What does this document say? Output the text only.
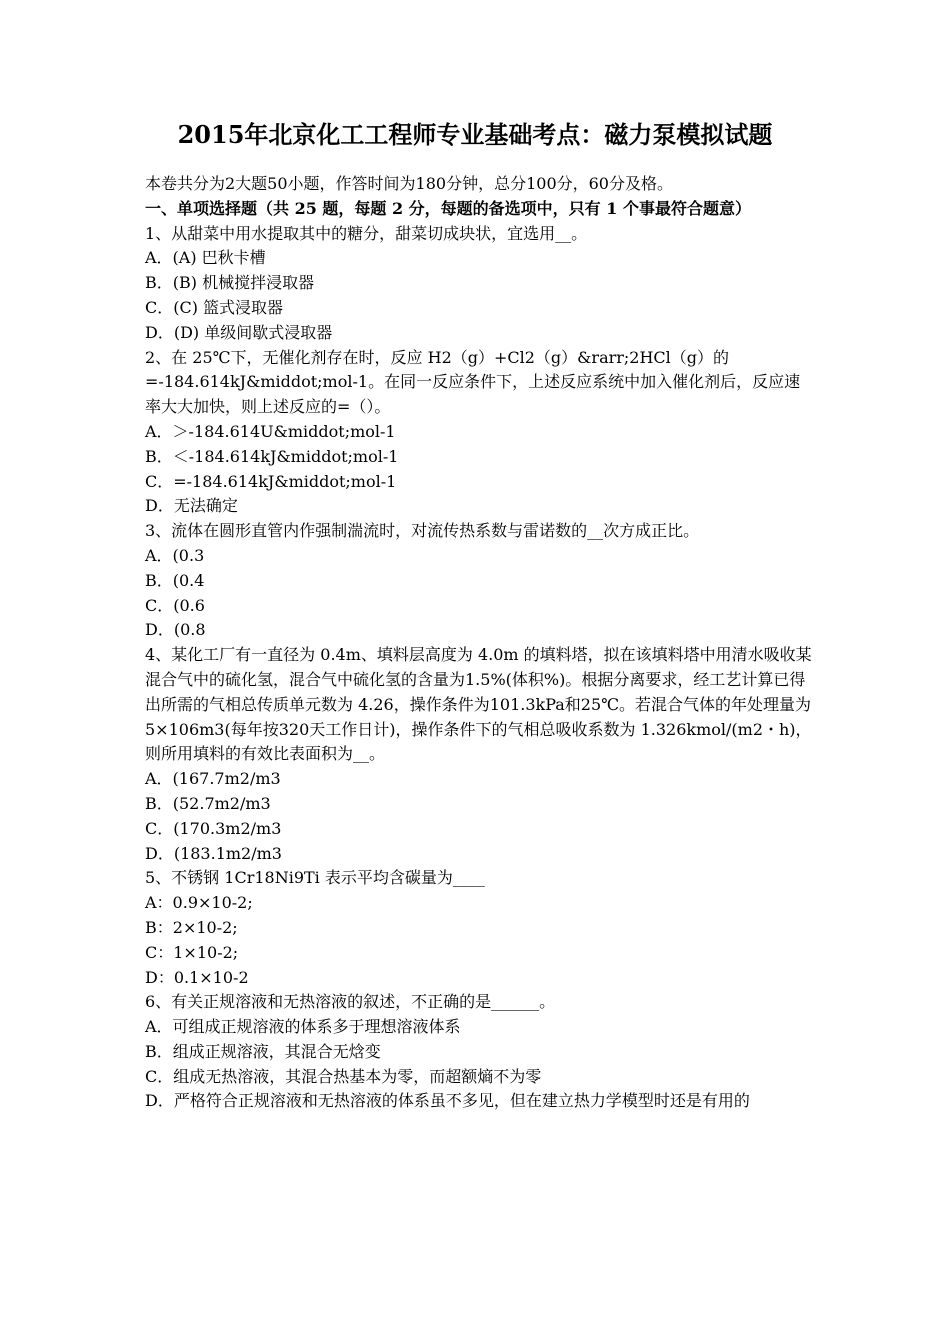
2015年北京化工工程师专业基础考点：磁力泵模拟试题

本卷共分为2大题50小题，作答时间为180分钟，总分100分，60分及格。

一、单项选择题（共 25 题，每题 2 分，每题的备选项中，只有 1 个事最符合题意）

1、从甜菜中用水提取其中的糖分，甜菜切成块状，宜选用__。

A．(A) 巴秋卡槽

B．(B) 机械搅拌浸取器

C．(C) 篮式浸取器

D．(D) 单级间歇式浸取器

2、在 25℃下，无催化剂存在时，反应 H2（g）+Cl2（g）&rarr;2HCl（g）的=-184.614kJ&middot;mol-1。在同一反应条件下，上述反应系统中加入催化剂后，反应速率大大加快，则上述反应的=（）。

A．＞-184.614U&middot;mol-1

B．＜-184.614kJ&middot;mol-1

C．=-184.614kJ&middot;mol-1

D．无法确定

3、流体在圆形直管内作强制湍流时，对流传热系数与雷诺数的__次方成正比。

A．(0.3

B．(0.4

C．(0.6

D．(0.8

4、某化工厂有一直径为 0.4m、填料层高度为 4.0m 的填料塔，拟在该填料塔中用清水吸收某混合气中的硫化氢，混合气中硫化氢的含量为1.5%(体积%)。根据分离要求，经工艺计算已得出所需的气相总传质单元数为 4.26，操作条件为101.3kPa和25℃。若混合气体的年处理量为5×106m3(每年按320天工作日计)，操作条件下的气相总吸收系数为 1.326kmol/(m2・h)，则所用填料的有效比表面积为__。

A．(167.7m2/m3

B．(52.7m2/m3

C．(170.3m2/m3

D．(183.1m2/m3

5、不锈钢 1Cr18Ni9Ti 表示平均含碳量为____

A：0.9×10-2;

B：2×10-2;

C：1×10-2;

D：0.1×10-2

6、有关正规溶液和无热溶液的叙述，不正确的是______。

A．可组成正规溶液的体系多于理想溶液体系

B．组成正规溶液，其混合无焓变

C．组成无热溶液，其混合热基本为零，而超额熵不为零

D．严格符合正规溶液和无热溶液的体系虽不多见，但在建立热力学模型时还是有用的
